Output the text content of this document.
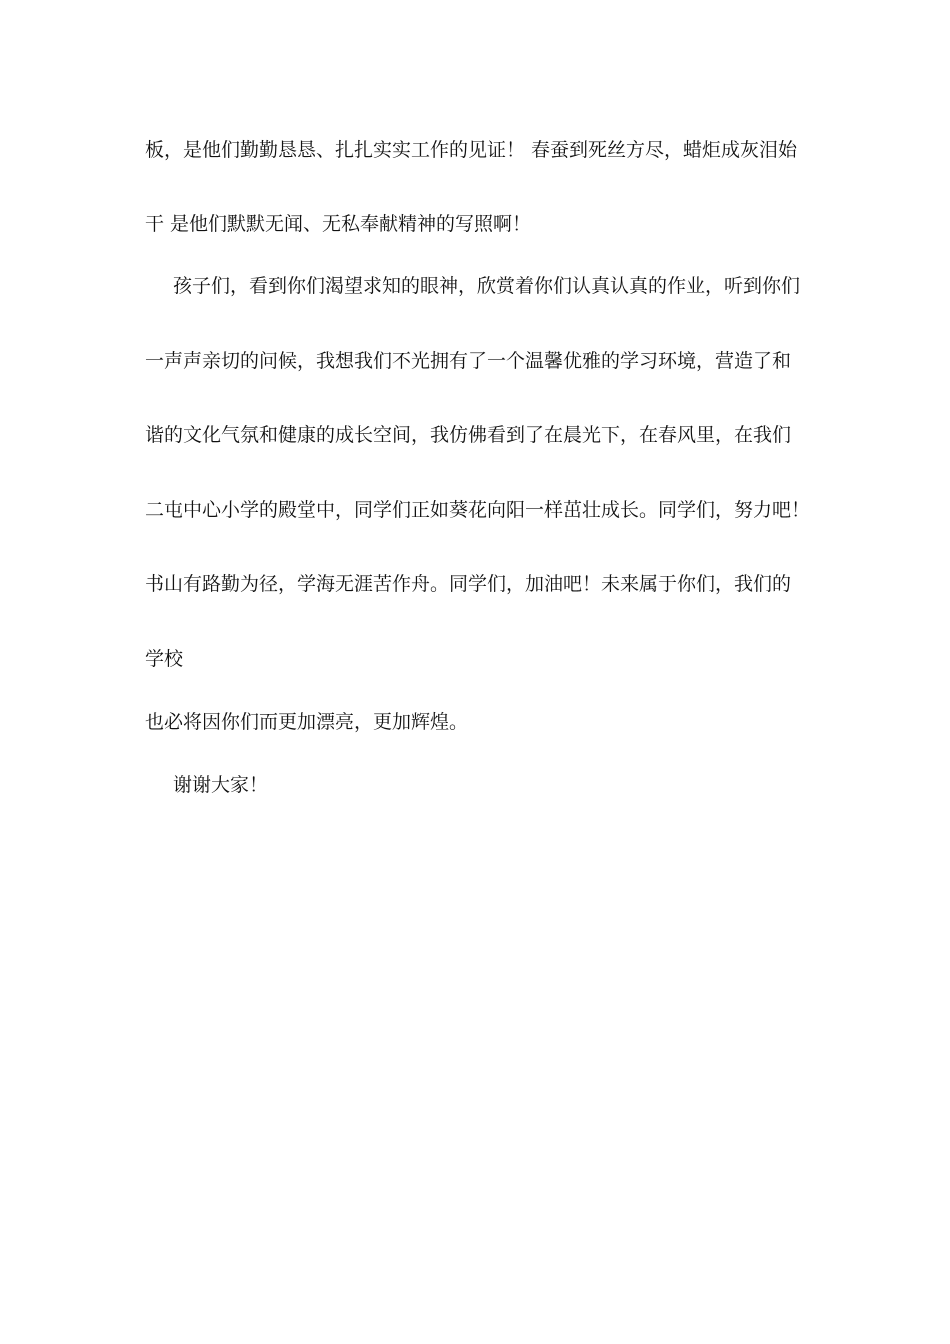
板，是他们勤勤恳恳、扎扎实实工作的见证！ 春蚕到死丝方尽，蜡炬成灰泪始
干 是他们默默无闻、无私奉献精神的写照啊！
孩子们，看到你们渴望求知的眼神，欣赏着你们认真认真的作业，听到你们
一声声亲切的问候，我想我们不光拥有了一个温馨优雅的学习环境，营造了和
谐的文化气氛和健康的成长空间，我仿佛看到了在晨光下，在春风里，在我们
二屯中心小学的殿堂中，同学们正如葵花向阳一样茁壮成长。同学们，努力吧！
书山有路勤为径，学海无涯苦作舟。同学们，加油吧！未来属于你们，我们的
学校
也必将因你们而更加漂亮，更加辉煌。
谢谢大家！
